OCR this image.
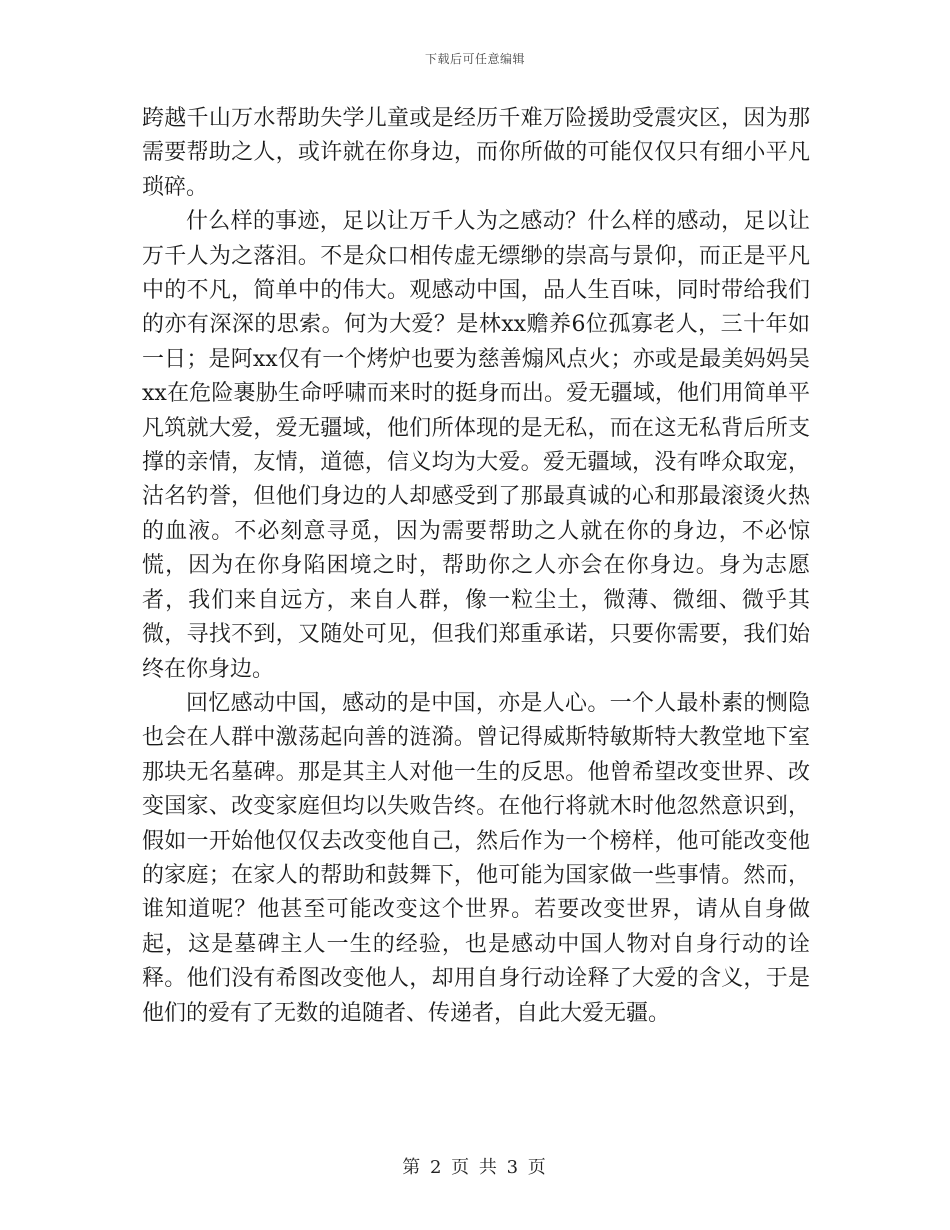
下载后可任意编辑

跨越千山万水帮助失学儿童或是经历千难万险援助受震灾区，因为那需要帮助之人，或许就在你身边，而你所做的可能仅仅只有细小平凡琐碎。

什么样的事迹，足以让万千人为之感动？什么样的感动，足以让万千人为之落泪。不是众口相传虚无缥缈的崇高与景仰，而正是平凡中的不凡，简单中的伟大。观感动中国，品人生百味，同时带给我们的亦有深深的思索。何为大爱？是林xx赡养6位孤寡老人，三十年如一日；是阿xx仅有一个烤炉也要为慈善煽风点火；亦或是最美妈妈吴xx在危险裹胁生命呼啸而来时的挺身而出。爱无疆域，他们用简单平凡筑就大爱，爱无疆域，他们所体现的是无私，而在这无私背后所支撑的亲情，友情，道德，信义均为大爱。爱无疆域，没有哗众取宠，沽名钓誉，但他们身边的人却感受到了那最真诚的心和那最滚烫火热的血液。不必刻意寻觅，因为需要帮助之人就在你的身边，不必惊慌，因为在你身陷困境之时，帮助你之人亦会在你身边。身为志愿者，我们来自远方，来自人群，像一粒尘土，微薄、微细、微乎其微，寻找不到，又随处可见，但我们郑重承诺，只要你需要，我们始终在你身边。

回忆感动中国，感动的是中国，亦是人心。一个人最朴素的恻隐也会在人群中激荡起向善的涟漪。曾记得威斯特敏斯特大教堂地下室那块无名墓碑。那是其主人对他一生的反思。他曾希望改变世界、改变国家、改变家庭但均以失败告终。在他行将就木时他忽然意识到，假如一开始他仅仅去改变他自己，然后作为一个榜样，他可能改变他的家庭；在家人的帮助和鼓舞下，他可能为国家做一些事情。然而，谁知道呢？他甚至可能改变这个世界。若要改变世界，请从自身做起，这是墓碑主人一生的经验，也是感动中国人物对自身行动的诠释。他们没有希图改变他人，却用自身行动诠释了大爱的含义，于是他们的爱有了无数的追随者、传递者，自此大爱无疆。

第 2 页 共 3 页
